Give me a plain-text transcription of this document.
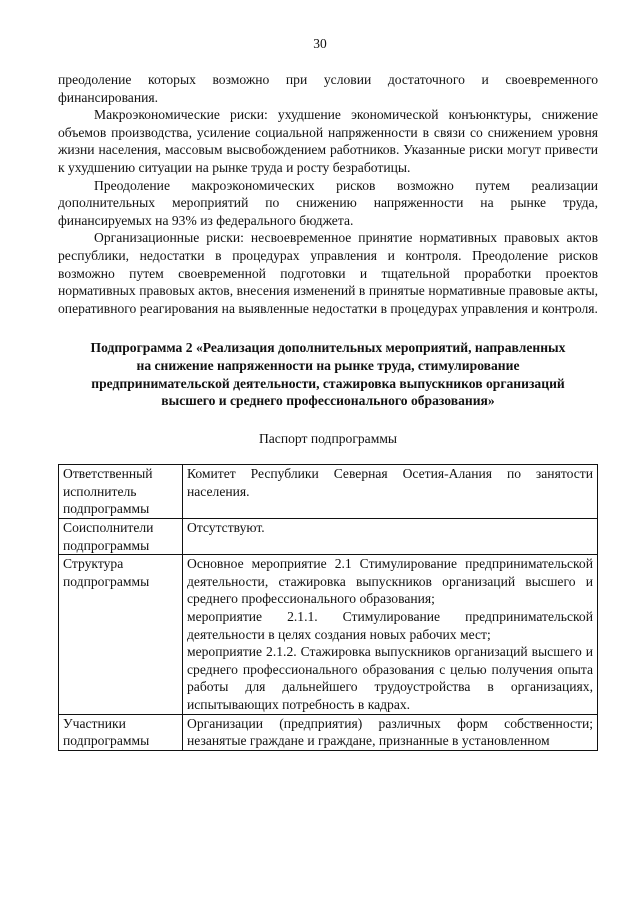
30

преодоление которых возможно при условии достаточного и своевременного финансирования.

Макроэкономические риски: ухудшение экономической конъюнктуры, снижение объемов производства, усиление социальной напряженности в связи со снижением уровня жизни населения, массовым высвобождением работников. Указанные риски могут привести к ухудшению ситуации на рынке труда и росту безработицы.

Преодоление макроэкономических рисков возможно путем реализации дополнительных мероприятий по снижению напряженности на рынке труда, финансируемых на 93% из федерального бюджета.

Организационные риски: несвоевременное принятие нормативных правовых актов республики, недостатки в процедурах управления и контроля. Преодоление рисков возможно путем своевременной подготовки и тщательной проработки проектов нормативных правовых актов, внесения изменений в принятые нормативные правовые акты, оперативного реагирования на выявленные недостатки в процедурах управления и контроля.

Подпрограмма 2 «Реализация дополнительных мероприятий, направленных на снижение напряженности на рынке труда, стимулирование предпринимательской деятельности, стажировка выпускников организаций высшего и среднего профессионального образования»

Паспорт подпрограммы

Ответственный исполнитель подпрограммы	Комитет Республики Северная Осетия-Алания по занятости населения.

Соисполнители подпрограммы	Отсутствуют.

Структура подпрограммы	Основное мероприятие 2.1 Стимулирование предпринимательской деятельности, стажировка выпускников организаций высшего и среднего профессионального образования;
мероприятие 2.1.1. Стимулирование предпринимательской деятельности в целях создания новых рабочих мест;
мероприятие 2.1.2. Стажировка выпускников организаций высшего и среднего профессионального образования с целью получения опыта работы для дальнейшего трудоустройства в организациях, испытывающих потребность в кадрах.

Участники подпрограммы	Организации (предприятия) различных форм собственности; незанятые граждане и граждане, признанные в установленном
